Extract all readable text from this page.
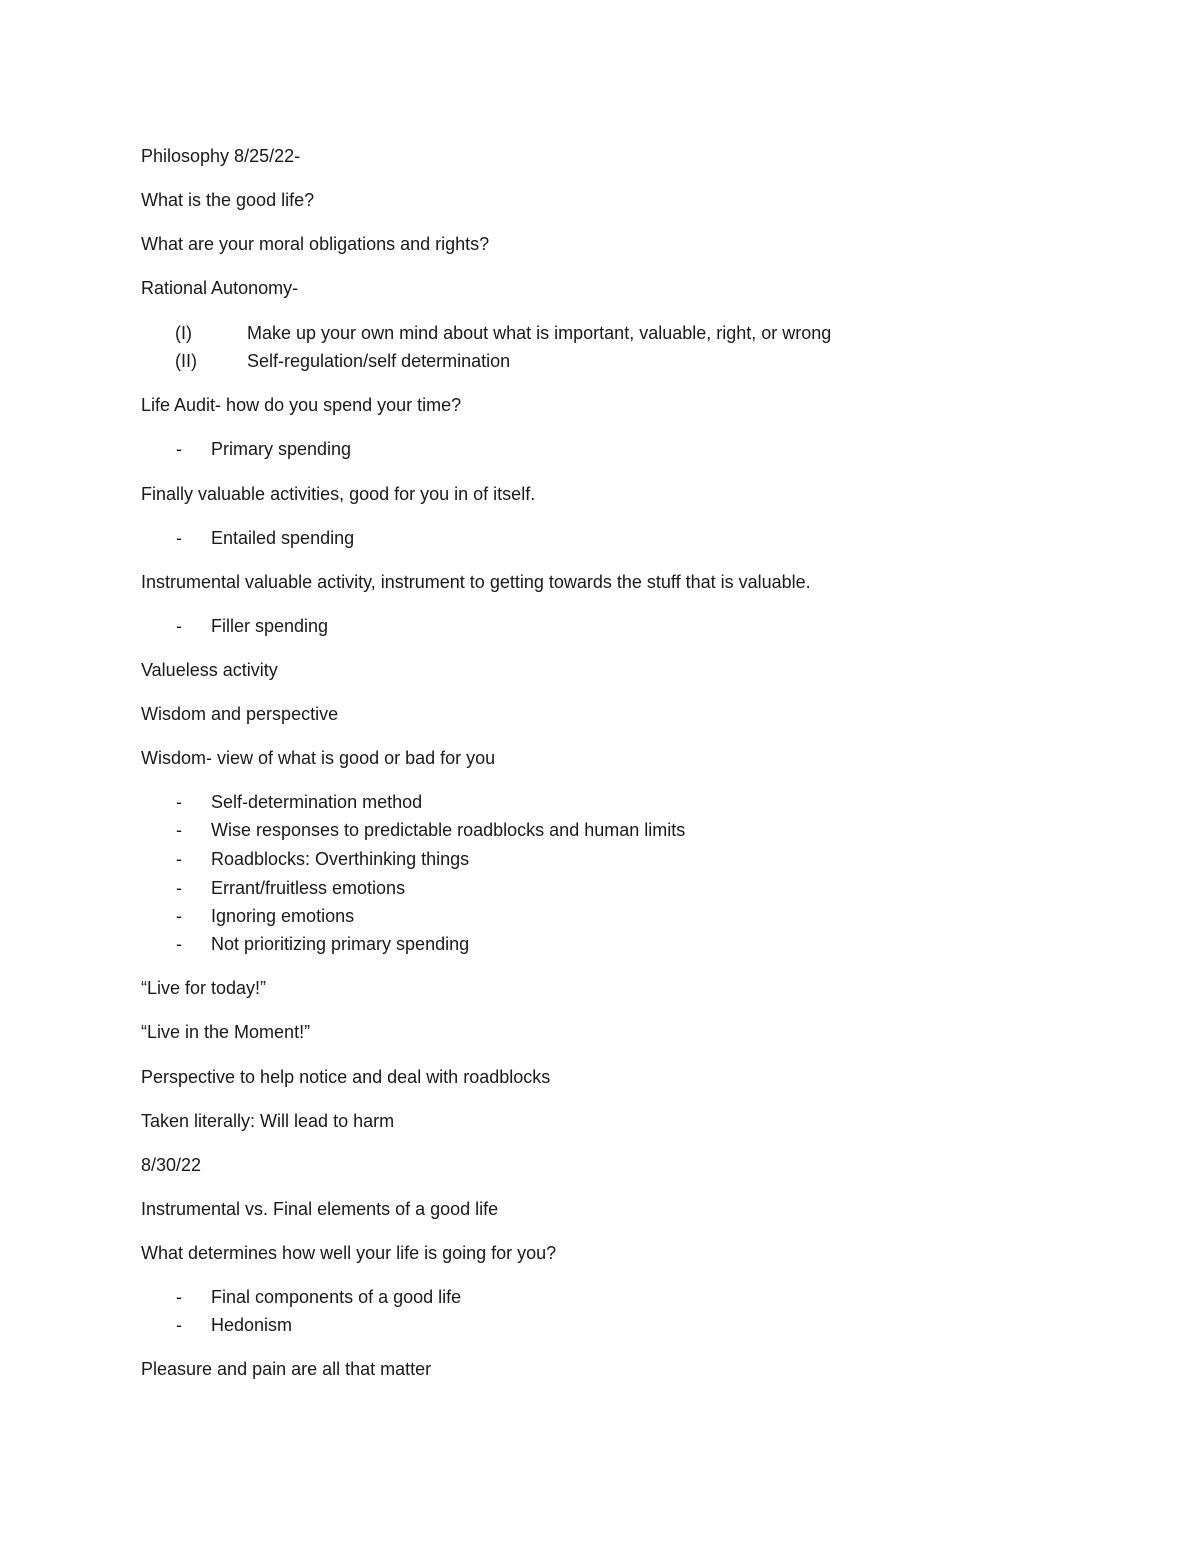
Philosophy 8/25/22-
What is the good life?
What are your moral obligations and rights?
Rational Autonomy-
(I)	Make up your own mind about what is important, valuable, right, or wrong
(II)	Self-regulation/self determination
Life Audit- how do you spend your time?
- Primary spending
Finally valuable activities, good for you in of itself.
- Entailed spending
Instrumental valuable activity, instrument to getting towards the stuff that is valuable.
- Filler spending
Valueless activity
Wisdom and perspective
Wisdom- view of what is good or bad for you
- Self-determination method
- Wise responses to predictable roadblocks and human limits
- Roadblocks: Overthinking things
- Errant/fruitless emotions
- Ignoring emotions
- Not prioritizing primary spending
“Live for today!”
“Live in the Moment!”
Perspective to help notice and deal with roadblocks
Taken literally: Will lead to harm
8/30/22
Instrumental vs. Final elements of a good life
What determines how well your life is going for you?
- Final components of a good life
- Hedonism
Pleasure and pain are all that matter
